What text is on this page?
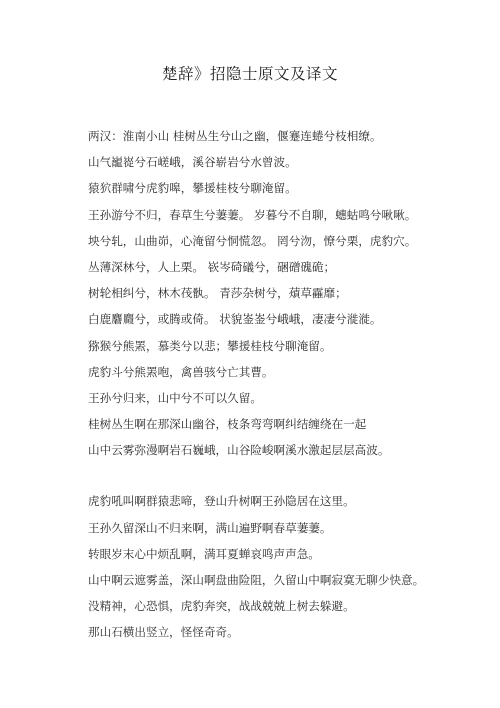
楚辞》招隐士原文及译文
两汉：淮南小山 桂树丛生兮山之幽，偃蹇连蜷兮枝相缭。
山气巃嵸兮石嵯峨，溪谷崭岩兮水曾波。
猿狖群啸兮虎豹嗥，攀援桂枝兮聊淹留。
王孙游兮不归，春草生兮萋萋。 岁暮兮不自聊，蟪蛄鸣兮啾啾。
坱兮轧，山曲峁，心淹留兮恫慌忽。 罔兮沕，憭兮栗，虎豹穴。
丛薄深林兮，人上栗。 嵚岑碕礒兮，硱磳磈硊；
树轮相纠兮，林木茷骫。 青莎杂树兮，薠草靃靡；
白鹿麏麚兮，或腾或倚。 状貌崟崟兮峨峨，凄凄兮漇漇。
猕猴兮熊罴，慕类兮以悲；攀援桂枝兮聊淹留。
虎豹斗兮熊罴咆，禽兽骇兮亡其曹。
王孙兮归来，山中兮不可以久留。
桂树丛生啊在那深山幽谷，枝条弯弯啊纠结缠绕在一起
山中云雾弥漫啊岩石巍峨，山谷险峻啊溪水激起层层高波。
虎豹吼叫啊群猿悲啼，登山升树啊王孙隐居在这里。
王孙久留深山不归来啊，满山遍野啊春草萋萋。
转眼岁末心中烦乱啊，满耳夏蝉哀鸣声声急。
山中啊云遮雾盖，深山啊盘曲险阻，久留山中啊寂寞无聊少快意。
没精神，心恐惧，虎豹奔突，战战兢兢上树去躲避。
那山石横出竖立，怪怪奇奇。
